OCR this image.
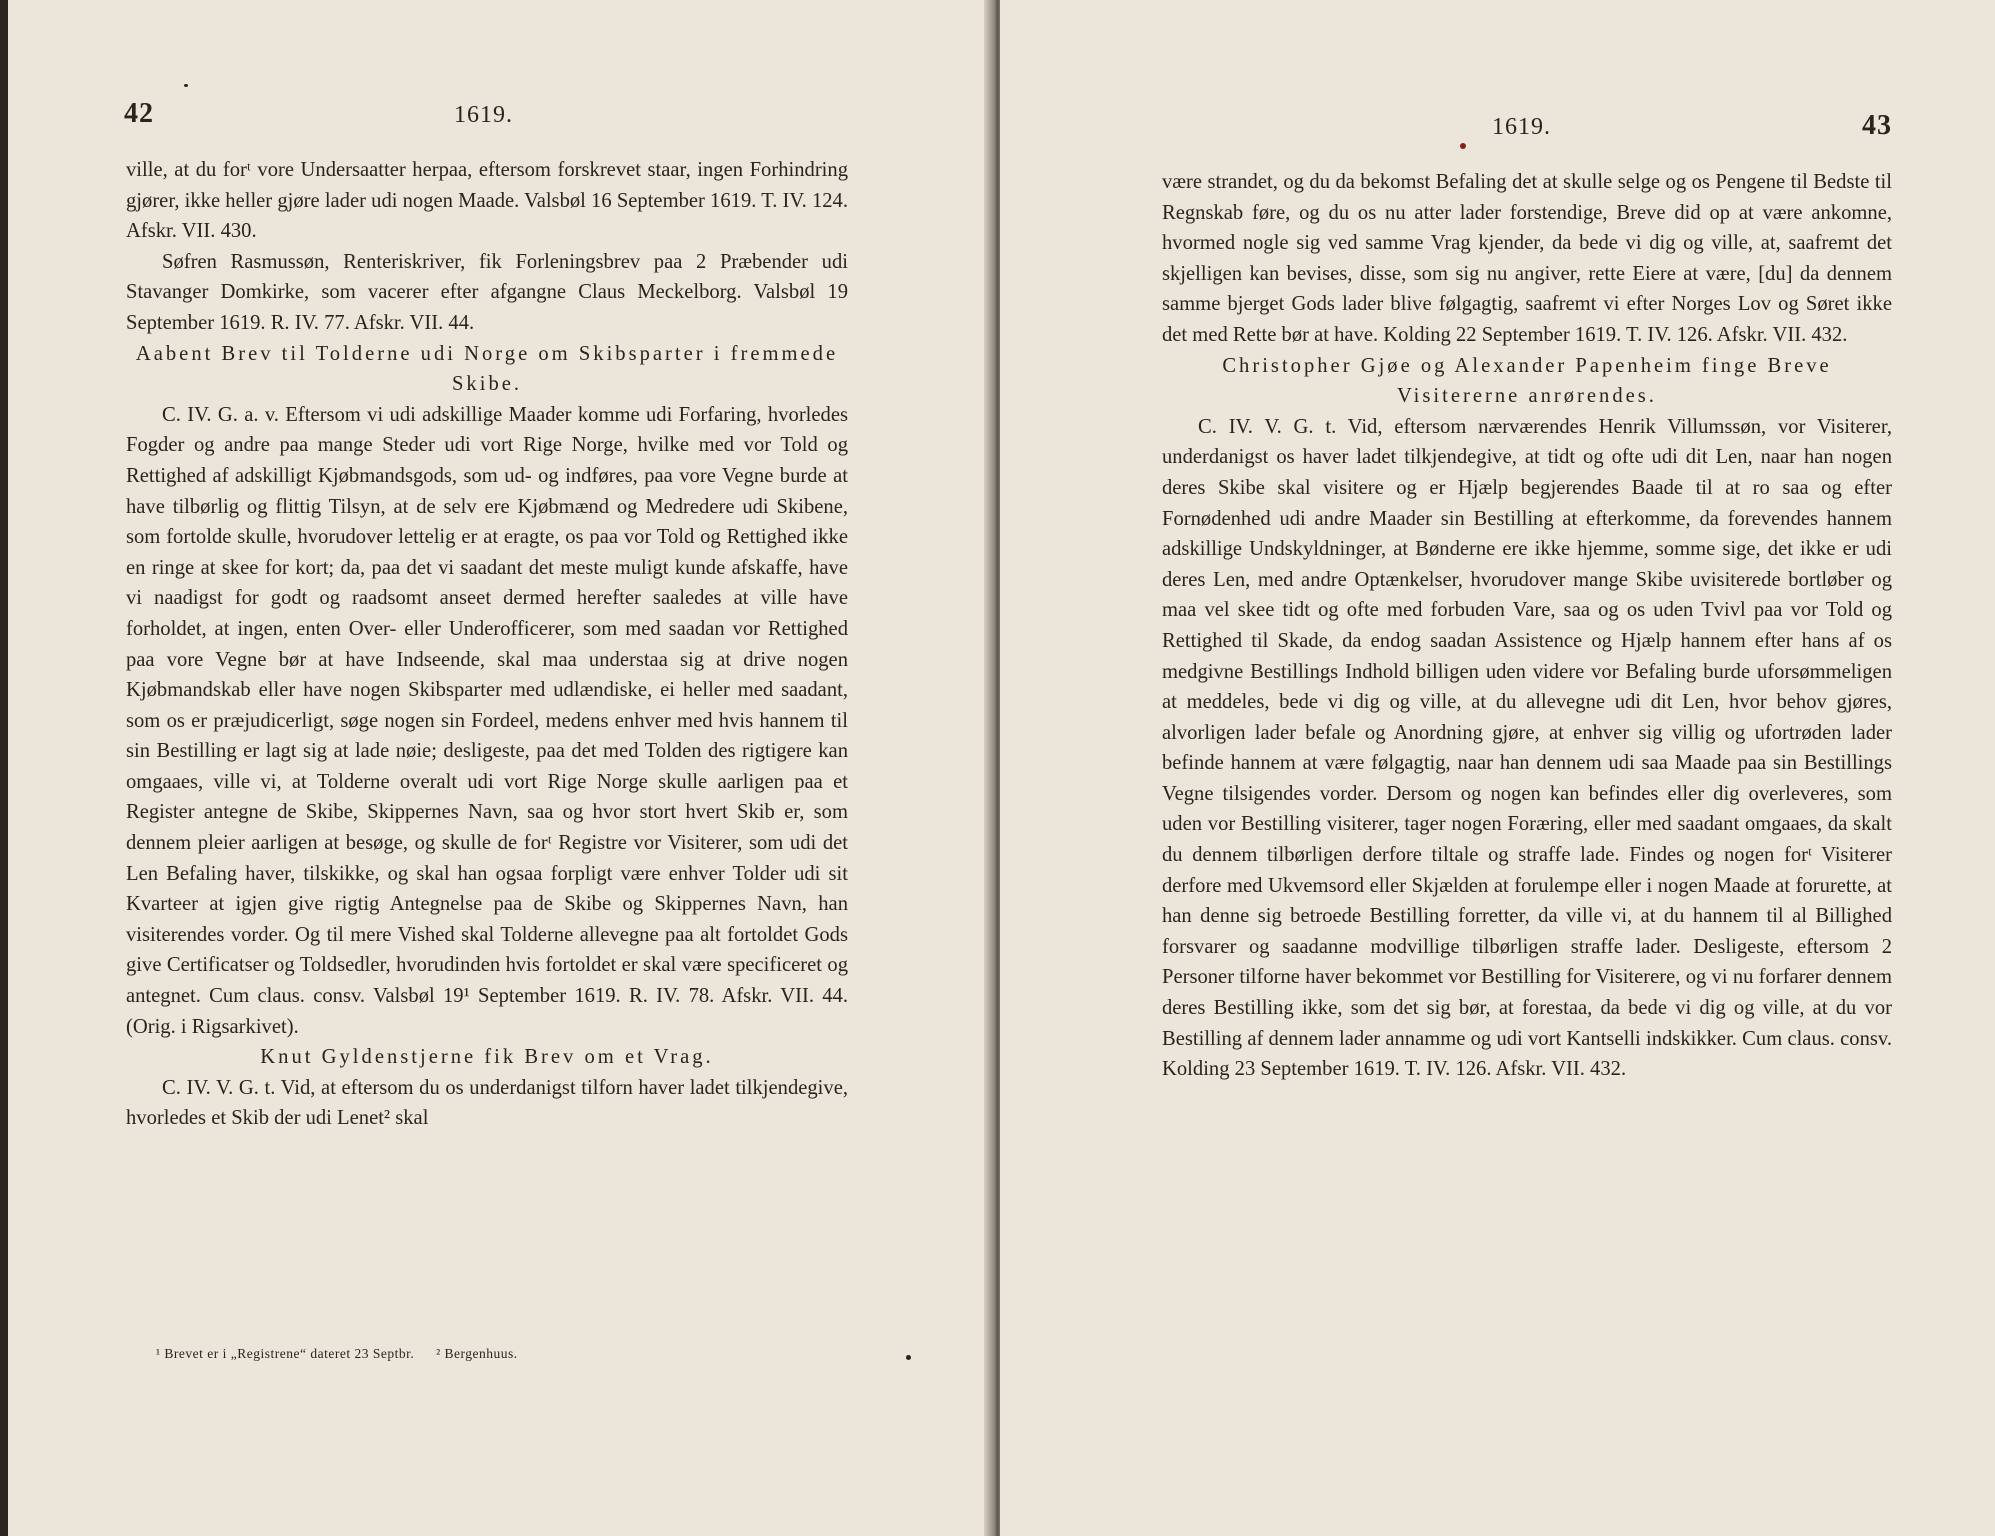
42	1619.

ville, at du forᵗ vore Undersaatter herpaa, eftersom forskrevet staar, ingen Forhindring gjører, ikke heller gjøre lader udi nogen Maade. Valsbøl 16 September 1619. T. IV. 124. Afskr. VII. 430.

Søfren Rasmussøn, Renteriskriver, fik Forleningsbrev paa 2 Præbender udi Stavanger Domkirke, som vacerer efter afgangne Claus Meckelborg. Valsbøl 19 September 1619. R. IV. 77. Afskr. VII. 44.

Aabent Brev til Tolderne udi Norge om Skibsparter i fremmede Skibe.

C. IV. G. a. v. Eftersom vi udi adskillige Maader komme udi Forfaring, hvorledes Fogder og andre paa mange Steder udi vort Rige Norge, hvilke med vor Told og Rettighed af adskilligt Kjøbmandsgods, som ud- og indføres, paa vore Vegne burde at have tilbørlig og flittig Tilsyn, at de selv ere Kjøbmænd og Medredere udi Skibene, som fortolde skulle, hvorudover lettelig er at eragte, os paa vor Told og Rettighed ikke en ringe at skee for kort; da, paa det vi saadant det meste muligt kunde afskaffe, have vi naadigst for godt og raadsomt anseet dermed herefter saaledes at ville have forholdet, at ingen, enten Over- eller Underofficerer, som med saadan vor Rettighed paa vore Vegne bør at have Indseende, skal maa understaa sig at drive nogen Kjøbmandskab eller have nogen Skibsparter med udlændiske, ei heller med saadant, som os er præjudicerligt, søge nogen sin Fordeel, medens enhver med hvis hannem til sin Bestilling er lagt sig at lade nøie; desligeste, paa det med Tolden des rigtigere kan omgaaes, ville vi, at Tolderne overalt udi vort Rige Norge skulle aarligen paa et Register antegne de Skibe, Skippernes Navn, saa og hvor stort hvert Skib er, som dennem pleier aarligen at besøge, og skulle de forᵗ Registre vor Visiterer, som udi det Len Befaling haver, tilskikke, og skal han ogsaa forpligt være enhver Tolder udi sit Kvarteer at igjen give rigtig Antegnelse paa de Skibe og Skippernes Navn, han visiterendes vorder. Og til mere Vished skal Tolderne allevegne paa alt fortoldet Gods give Certificatser og Toldsedler, hvorudinden hvis fortoldet er skal være specificeret og antegnet. Cum claus. consv. Valsbøl 19¹ September 1619. R. IV. 78. Afskr. VII. 44. (Orig. i Rigsarkivet).

Knut Gyldenstjerne fik Brev om et Vrag.

C. IV. V. G. t. Vid, at eftersom du os underdanigst tilforn haver ladet tilkjendegive, hvorledes et Skib der udi Lenet² skal

¹ Brevet er i „Registrene“ dateret 23 Septbr. ² Bergenhuus.
1619.	43

være strandet, og du da bekomst Befaling det at skulle selge og os Pengene til Bedste til Regnskab føre, og du os nu atter lader forstendige, Breve did op at være ankomne, hvormed nogle sig ved samme Vrag kjender, da bede vi dig og ville, at, saafremt det skjelligen kan bevises, disse, som sig nu angiver, rette Eiere at være, [du] da dennem samme bjerget Gods lader blive følgagtig, saafremt vi efter Norges Lov og Søret ikke det med Rette bør at have. Kolding 22 September 1619. T. IV. 126. Afskr. VII. 432.

Christopher Gjøe og Alexander Papenheim finge Breve Visitererne anrørendes.

C. IV. V. G. t. Vid, eftersom nærværendes Henrik Villumssøn, vor Visiterer, underdanigst os haver ladet tilkjendegive, at tidt og ofte udi dit Len, naar han nogen deres Skibe skal visitere og er Hjælp begjerendes Baade til at ro saa og efter Fornødenhed udi andre Maader sin Bestilling at efterkomme, da forevendes hannem adskillige Undskyldninger, at Bønderne ere ikke hjemme, somme sige, det ikke er udi deres Len, med andre Optænkelser, hvorudover mange Skibe uvisiterede bortløber og maa vel skee tidt og ofte med forbuden Vare, saa og os uden Tvivl paa vor Told og Rettighed til Skade, da endog saadan Assistence og Hjælp hannem efter hans af os medgivne Bestillings Indhold billigen uden videre vor Befaling burde uforsømmeligen at meddeles, bede vi dig og ville, at du allevegne udi dit Len, hvor behov gjøres, alvorligen lader befale og Anordning gjøre, at enhver sig villig og ufortrøden lader befinde hannem at være følgagtig, naar han dennem udi saa Maade paa sin Bestillings Vegne tilsigendes vorder. Dersom og nogen kan befindes eller dig overleveres, som uden vor Bestilling visiterer, tager nogen Foræring, eller med saadant omgaaes, da skalt du dennem tilbørligen derfore tiltale og straffe lade. Findes og nogen forᵗ Visiterer derfore med Ukvemsord eller Skjælden at forulempe eller i nogen Maade at forurette, at han denne sig betroede Bestilling forretter, da ville vi, at du hannem til al Billighed forsvarer og saadanne modvillige tilbørligen straffe lader. Desligeste, eftersom 2 Personer tilforne haver bekommet vor Bestilling for Visiterere, og vi nu forfarer dennem deres Bestilling ikke, som det sig bør, at forestaa, da bede vi dig og ville, at du vor Bestilling af dennem lader annamme og udi vort Kantselli indskikker. Cum claus. consv. Kolding 23 September 1619. T. IV. 126. Afskr. VII. 432.
